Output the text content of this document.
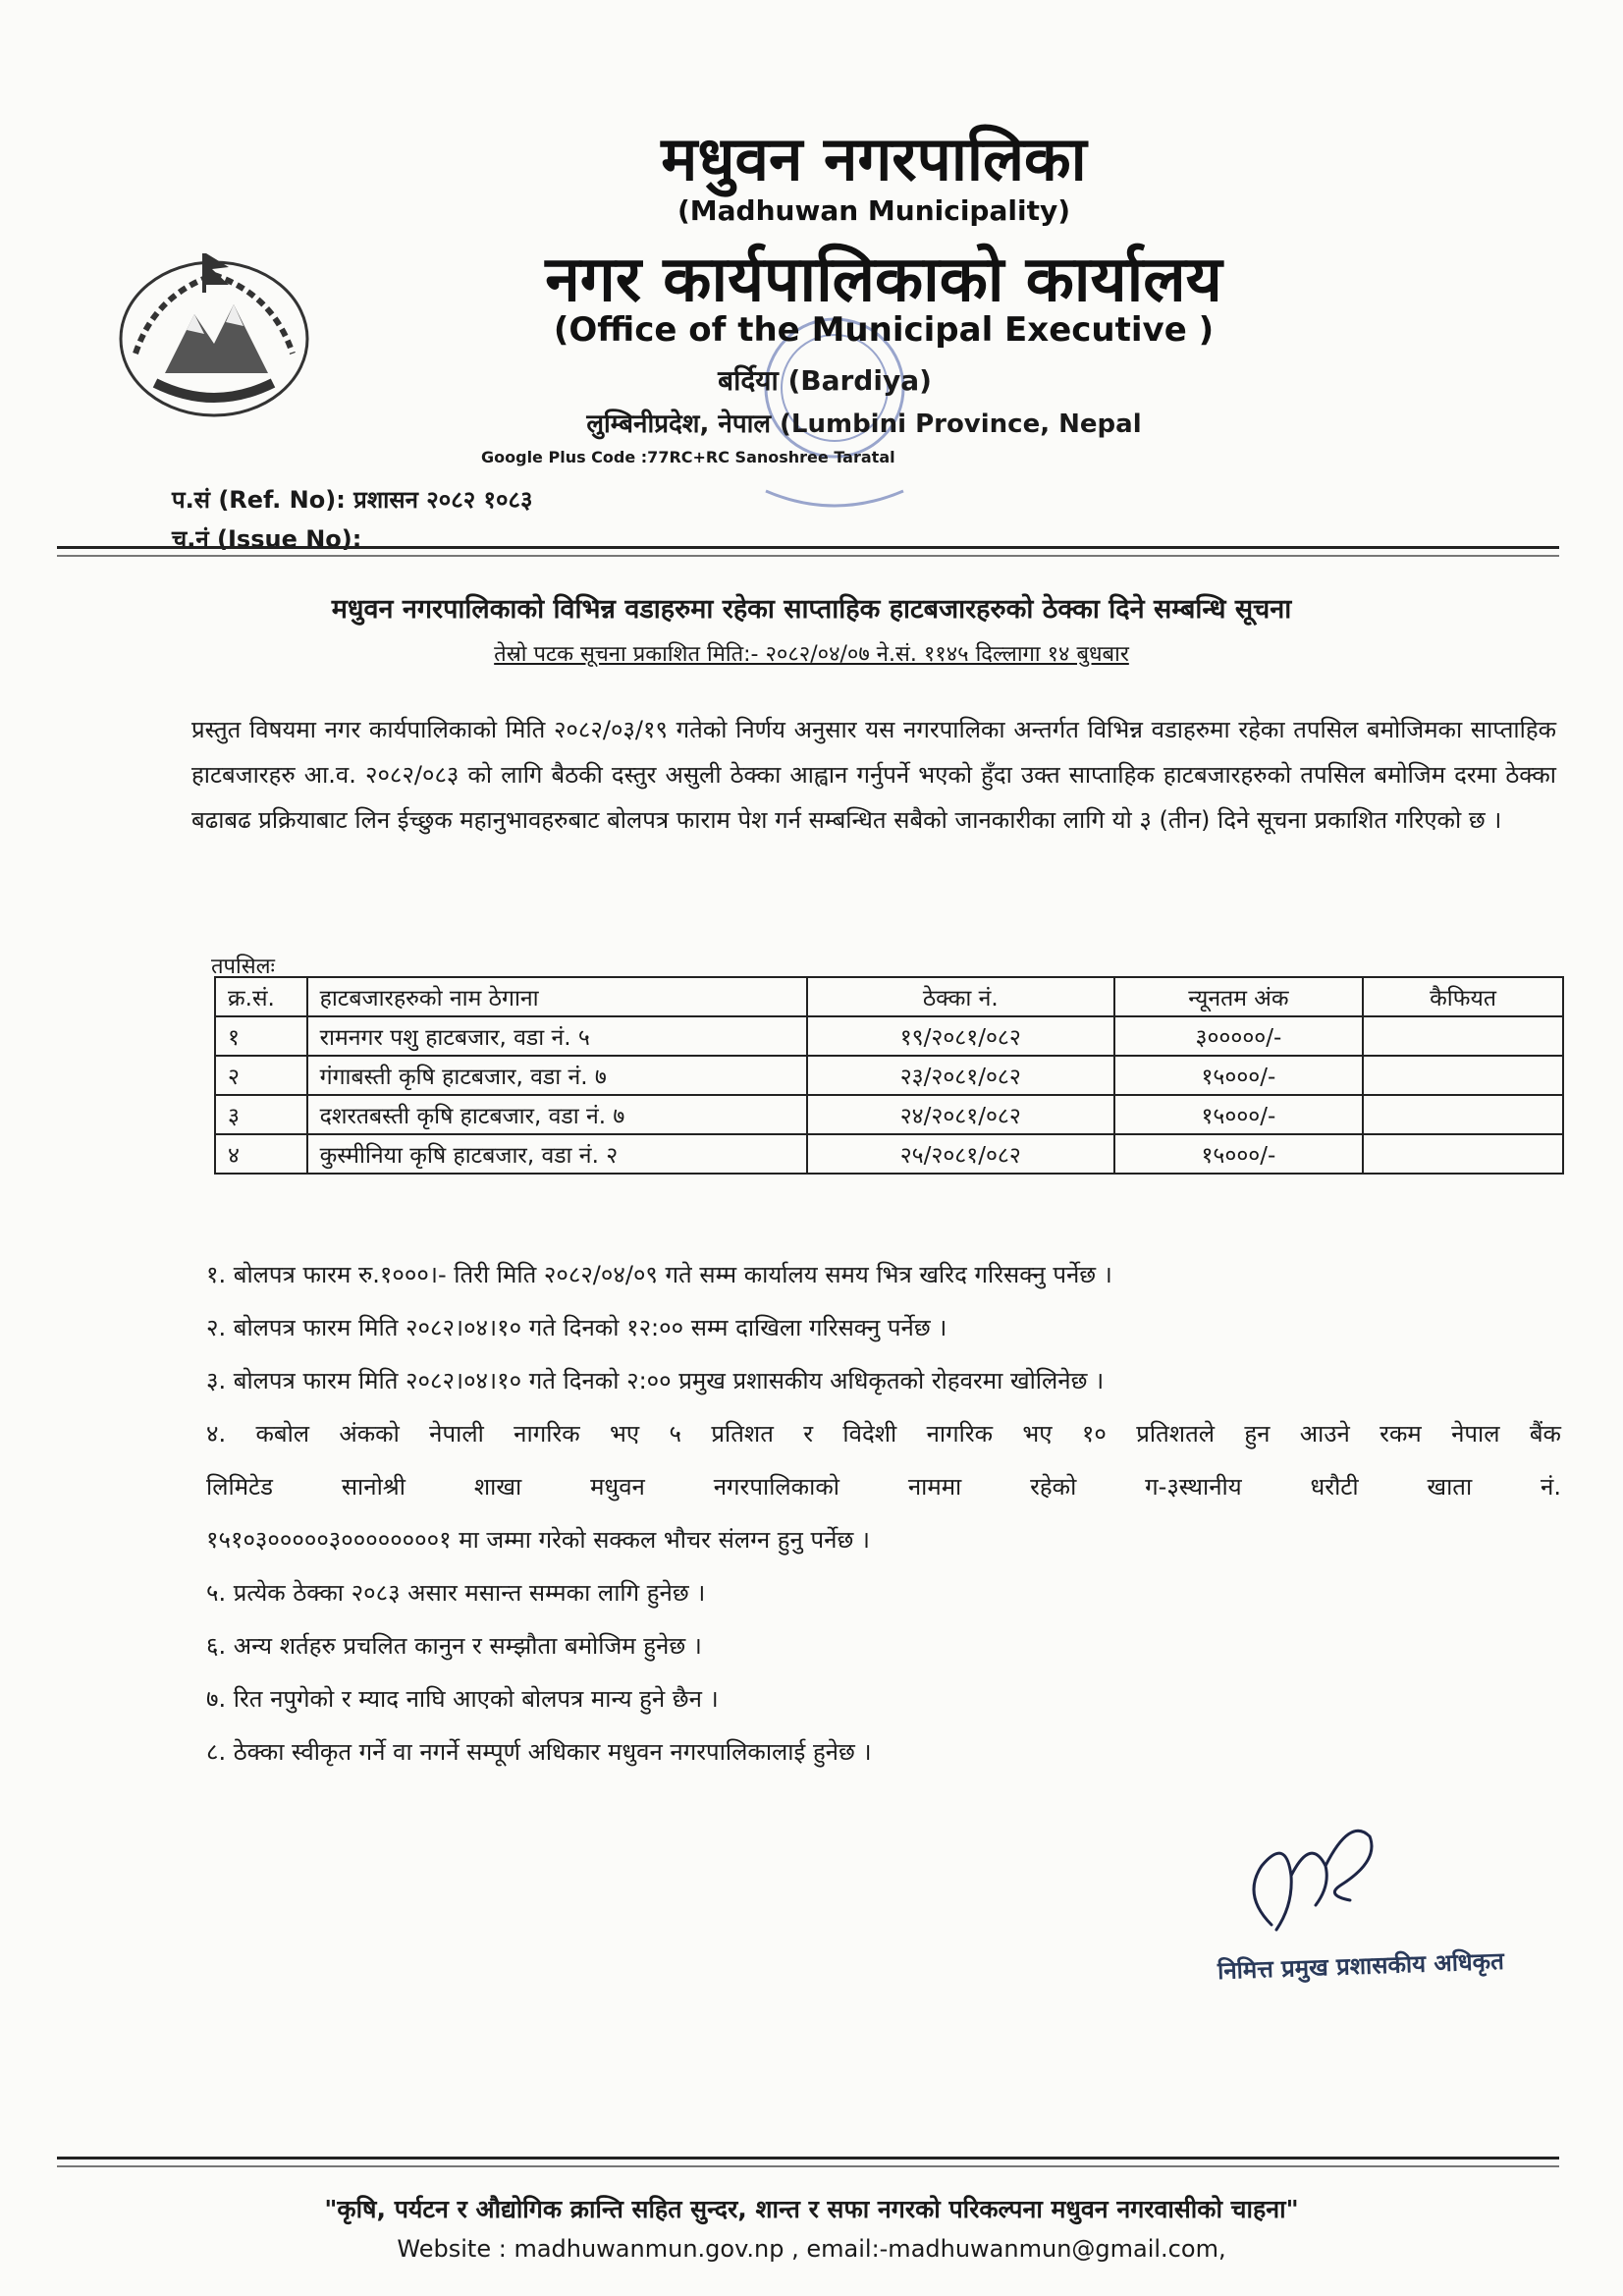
मधुवन नगरपालिका
(Madhuwan Municipality)
नगर कार्यपालिकाको कार्यालय
(Office of the Municipal Executive )
बर्दिया (Bardiya)
लुम्बिनीप्रदेश, नेपाल (Lumbini Province, Nepal
Google Plus Code :77RC+RC Sanoshree Taratal
प.सं (Ref. No): प्रशासन २०८२ १०८३
च.नं (Issue No):
मधुवन नगरपालिकाको विभिन्न वडाहरुमा रहेका साप्ताहिक हाटबजारहरुको ठेक्का दिने सम्बन्धि सूचना
तेस्रो पटक सूचना प्रकाशित मिति:- २०८२/०४/०७ ने.सं. ११४५ दिल्लागा १४ बुधबार
प्रस्तुत विषयमा नगर कार्यपालिकाको मिति २०८२/०३/१९ गतेको निर्णय अनुसार यस नगरपालिका अन्तर्गत विभिन्न वडाहरुमा रहेका तपसिल बमोजिमका साप्ताहिक हाटबजारहरु आ.व. २०८२/०८३ को लागि बैठकी दस्तुर असुली ठेक्का आह्वान गर्नुपर्ने भएको हुँदा उक्त साप्ताहिक हाटबजारहरुको तपसिल बमोजिम दरमा ठेक्का बढाबढ प्रक्रियाबाट लिन ईच्छुक महानुभावहरुबाट बोलपत्र फाराम पेश गर्न सम्बन्धित सबैको जानकारीका लागि यो ३ (तीन) दिने सूचना प्रकाशित गरिएको छ ।
तपसिलः
क्र.सं.	हाटबजारहरुको नाम ठेगाना	ठेक्का नं.	न्यूनतम अंक	कैफियत
१	रामनगर पशु हाटबजार, वडा नं. ५	१९/२०८१/०८२	३०००००/-	
२	गंगाबस्ती कृषि हाटबजार, वडा नं. ७	२३/२०८१/०८२	१५०००/-	
३	दशरतबस्ती कृषि हाटबजार, वडा नं. ७	२४/२०८१/०८२	१५०००/-	
४	कुस्मीनिया कृषि हाटबजार, वडा नं. २	२५/२०८१/०८२	१५०००/-	
१. बोलपत्र फारम रु.१०००।- तिरी मिति २०८२/०४/०९ गते सम्म कार्यालय समय भित्र खरिद गरिसक्नु पर्नेछ ।
२. बोलपत्र फारम मिति २०८२।०४।१० गते दिनको १२:०० सम्म दाखिला गरिसक्नु पर्नेछ ।
३. बोलपत्र फारम मिति २०८२।०४।१० गते दिनको २:०० प्रमुख प्रशासकीय अधिकृतको रोहवरमा खोलिनेछ ।
४. कबोल अंकको नेपाली नागरिक भए ५ प्रतिशत र विदेशी नागरिक भए १० प्रतिशतले हुन आउने रकम नेपाल बैंक
लिमिटेड सानोश्री शाखा मधुवन नगरपालिकाको नाममा रहेको ग-३स्थानीय धरौटी खाता नं.
१५१०३०००००३००००००००१ मा जम्मा गरेको सक्कल भौचर संलग्न हुनु पर्नेछ ।
५. प्रत्येक ठेक्का २०८३ असार मसान्त सम्मका लागि हुनेछ ।
६. अन्य शर्तहरु प्रचलित कानुन र सम्झौता बमोजिम हुनेछ ।
७. रित नपुगेको र म्याद नाघि आएको बोलपत्र मान्य हुने छैन ।
८. ठेक्का स्वीकृत गर्ने वा नगर्ने सम्पूर्ण अधिकार मधुवन नगरपालिकालाई हुनेछ ।
निमित्त प्रमुख प्रशासकीय अधिकृत
"कृषि, पर्यटन र औद्योगिक क्रान्ति सहित सुन्दर, शान्त र सफा नगरको परिकल्पना मधुवन नगरवासीको चाहना"
Website : madhuwanmun.gov.np , email:-madhuwanmun@gmail.com,
